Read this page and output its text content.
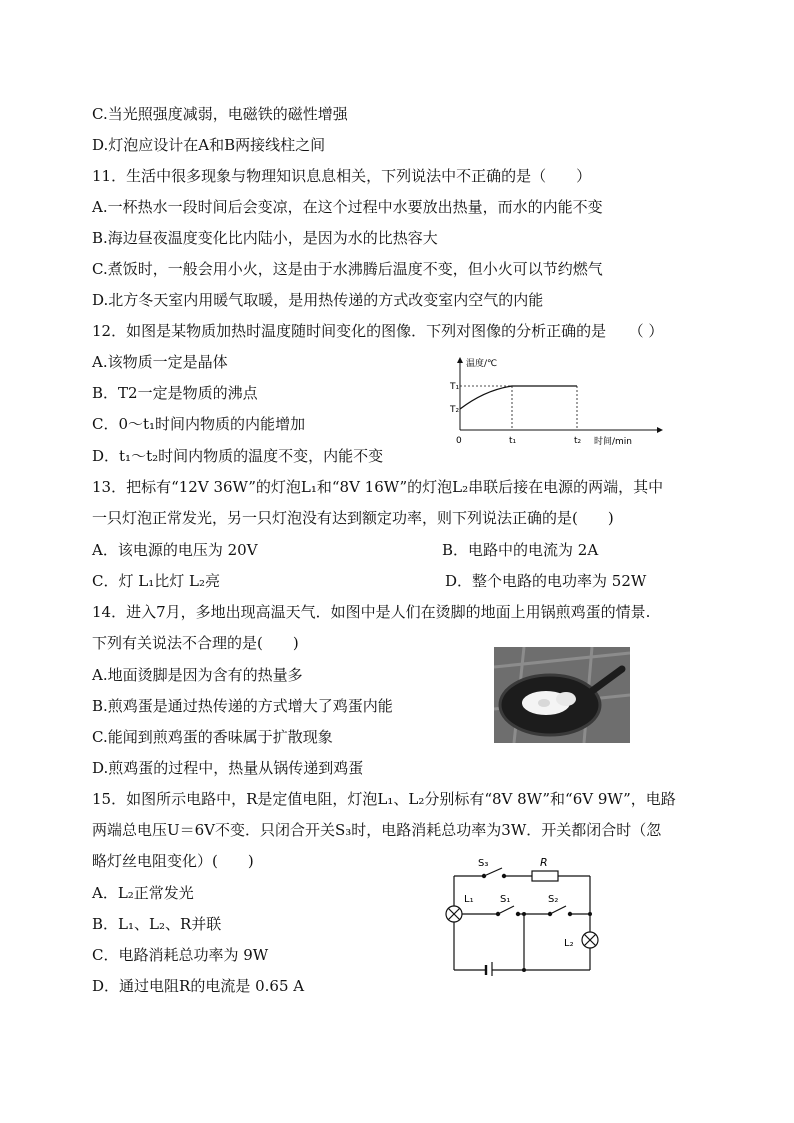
C.当光照强度减弱，电磁铁的磁性增强
D.灯泡应设计在A和B两接线柱之间
11．生活中很多现象与物理知识息息相关，下列说法中不正确的是（　　）
A.一杯热水一段时间后会变凉，在这个过程中水要放出热量，而水的内能不变
B.海边昼夜温度变化比内陆小，是因为水的比热容大
C.煮饭时，一般会用小火，这是由于水沸腾后温度不变，但小火可以节约燃气
D.北方冬天室内用暖气取暖，是用热传递的方式改变室内空气的内能
12．如图是某物质加热时温度随时间变化的图像．下列对图像的分析正确的是　　（ ）
A.该物质一定是晶体
B．T2一定是物质的沸点
C．0～t₁时间内物质的内能增加
D．t₁～t₂时间内物质的温度不变，内能不变
温度/℃
时间/min
0
T₁
T₂
t₁	t₂
13．把标有“12V 36W”的灯泡L₁和“8V 16W”的灯泡L₂串联后接在电源的两端，其中
一只灯泡正常发光，另一只灯泡没有达到额定功率，则下列说法正确的是(　　)
A．该电源的电压为 20V	B．电路中的电流为 2A
C．灯 L₁比灯 L₂亮	D．整个电路的电功率为 52W
14．进入7月，多地出现高温天气．如图中是人们在烫脚的地面上用锅煎鸡蛋的情景.
下列有关说法不合理的是(　　)
A.地面烫脚是因为含有的热量多
B.煎鸡蛋是通过热传递的方式增大了鸡蛋内能
C.能闻到煎鸡蛋的香味属于扩散现象
D.煎鸡蛋的过程中，热量从锅传递到鸡蛋
15．如图所示电路中，R是定值电阻，灯泡L₁、L₂分别标有“8V 8W”和“6V 9W”，电路
两端总电压U＝6V不变．只闭合开关S₃时，电路消耗总功率为3W．开关都闭合时（忽
略灯丝电阻变化）(　　)
A．L₂正常发光
B．L₁、L₂、R并联
C．电路消耗总功率为 9W
D．通过电阻R的电流是 0.65 A
S₃	R
L₁	S₁	S₂
L₂
